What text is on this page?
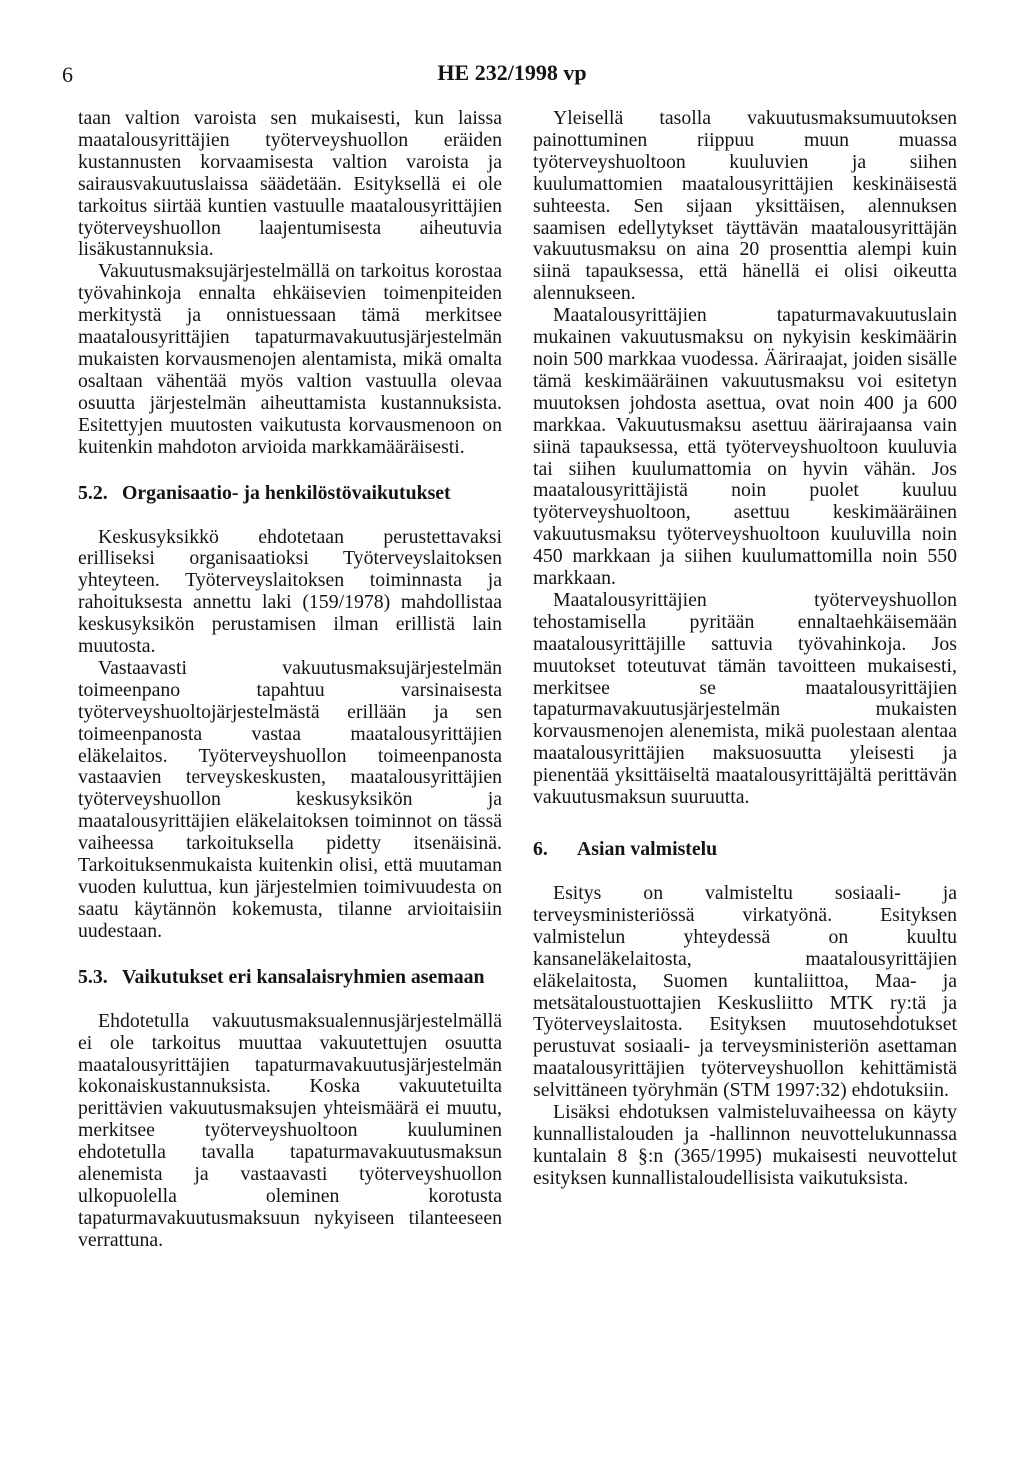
6	HE 232/1998 vp

taan valtion varoista sen mukaisesti, kun laissa maatalousyrittäjien työterveyshuollon eräiden kustannusten korvaamisesta valtion varoista ja sairausvakuutuslaissa säädetään. Esityksellä ei ole tarkoitus siirtää kuntien vastuulle maatalousyrittäjien työterveyshuollon laajentumisesta aiheutuvia lisäkustannuksia.

Vakuutusmaksujärjestelmällä on tarkoitus korostaa työvahinkoja ennalta ehkäisevien toimenpiteiden merkitystä ja onnistuessaan tämä merkitsee maatalousyrittäjien tapaturmavakuutusjärjestelmän mukaisten korvausmenojen alentamista, mikä omalta osaltaan vähentää myös valtion vastuulla olevaa osuutta järjestelmän aiheuttamista kustannuksista. Esitettyjen muutosten vaikutusta korvausmenoon on kuitenkin mahdoton arvioida markkamääräisesti.

5.2. Organisaatio- ja henkilöstövaikutukset

Keskusyksikkö ehdotetaan perustettavaksi erilliseksi organisaatioksi Työterveyslaitoksen yhteyteen. Työterveyslaitoksen toiminnasta ja rahoituksesta annettu laki (159/1978) mahdollistaa keskusyksikön perustamisen ilman erillistä lain muutosta.

Vastaavasti vakuutusmaksujärjestelmän toimeenpano tapahtuu varsinaisesta työterveyshuoltojärjestelmästä erillään ja sen toimeenpanosta vastaa maatalousyrittäjien eläkelaitos. Työterveyshuollon toimeenpanosta vastaavien terveyskeskusten, maatalousyrittäjien työterveyshuollon keskusyksikön ja maatalousyrittäjien eläkelaitoksen toiminnot on tässä vaiheessa tarkoituksella pidetty itsenäisinä. Tarkoituksenmukaista kuitenkin olisi, että muutaman vuoden kuluttua, kun järjestelmien toimivuudesta on saatu käytännön kokemusta, tilanne arvioitaisiin uudestaan.

5.3. Vaikutukset eri kansalaisryhmien asemaan

Ehdotetulla vakuutusmaksualennusjärjestelmällä ei ole tarkoitus muuttaa vakuutettujen osuutta maatalousyrittäjien tapaturmavakuutusjärjestelmän kokonaiskustannuksista. Koska vakuutetuilta perittävien vakuutusmaksujen yhteismäärä ei muutu, merkitsee työterveyshuoltoon kuuluminen ehdotetulla tavalla tapaturmavakuutusmaksun alenemista ja vastaavasti työterveyshuollon ulkopuolella oleminen korotusta tapaturmavakuutusmaksuun nykyiseen tilanteeseen verrattuna.

Yleisellä tasolla vakuutusmaksumuutoksen painottuminen riippuu muun muassa työterveyshuoltoon kuuluvien ja siihen kuulumattomien maatalousyrittäjien keskinäisestä suhteesta. Sen sijaan yksittäisen, alennuksen saamisen edellytykset täyttävän maatalousyrittäjän vakuutusmaksu on aina 20 prosenttia alempi kuin siinä tapauksessa, että hänellä ei olisi oikeutta alennukseen.

Maatalousyrittäjien tapaturmavakuutuslain mukainen vakuutusmaksu on nykyisin keskimäärin noin 500 markkaa vuodessa. Ääriraajat, joiden sisälle tämä keskimääräinen vakuutusmaksu voi esitetyn muutoksen johdosta asettua, ovat noin 400 ja 600 markkaa. Vakuutusmaksu asettuu äärirajaansa vain siinä tapauksessa, että työterveyshuoltoon kuuluvia tai siihen kuulumattomia on hyvin vähän. Jos maatalousyrittäjistä noin puolet kuuluu työterveyshuoltoon, asettuu keskimääräinen vakuutusmaksu työterveyshuoltoon kuuluvilla noin 450 markkaan ja siihen kuulumattomilla noin 550 markkaan.

Maatalousyrittäjien työterveyshuollon tehostamisella pyritään ennaltaehkäisemään maatalousyrittäjille sattuvia työvahinkoja. Jos muutokset toteutuvat tämän tavoitteen mukaisesti, merkitsee se maatalousyrittäjien tapaturmavakuutusjärjestelmän mukaisten korvausmenojen alenemista, mikä puolestaan alentaa maatalousyrittäjien maksuosuutta yleisesti ja pienentää yksittäiseltä maatalousyrittäjältä perittävän vakuutusmaksun suuruutta.

6.	Asian valmistelu

Esitys on valmisteltu sosiaali- ja terveysministeriössä virkatyönä. Esityksen valmistelun yhteydessä on kuultu kansaneläkelaitosta, maatalousyrittäjien eläkelaitosta, Suomen kuntaliittoa, Maa- ja metsätaloustuottajien Keskusliitto MTK ry:tä ja Työterveyslaitosta. Esityksen muutosehdotukset perustuvat sosiaali- ja terveysministeriön asettaman maatalousyrittäjien työterveyshuollon kehittämistä selvittäneen työryhmän (STM 1997:32) ehdotuksiin.

Lisäksi ehdotuksen valmisteluvaiheessa on käyty kunnallistalouden ja -hallinnon neuvottelukunnassa kuntalain 8 §:n (365/1995) mukaisesti neuvottelut esityksen kunnallistaloudellisista vaikutuksista.
